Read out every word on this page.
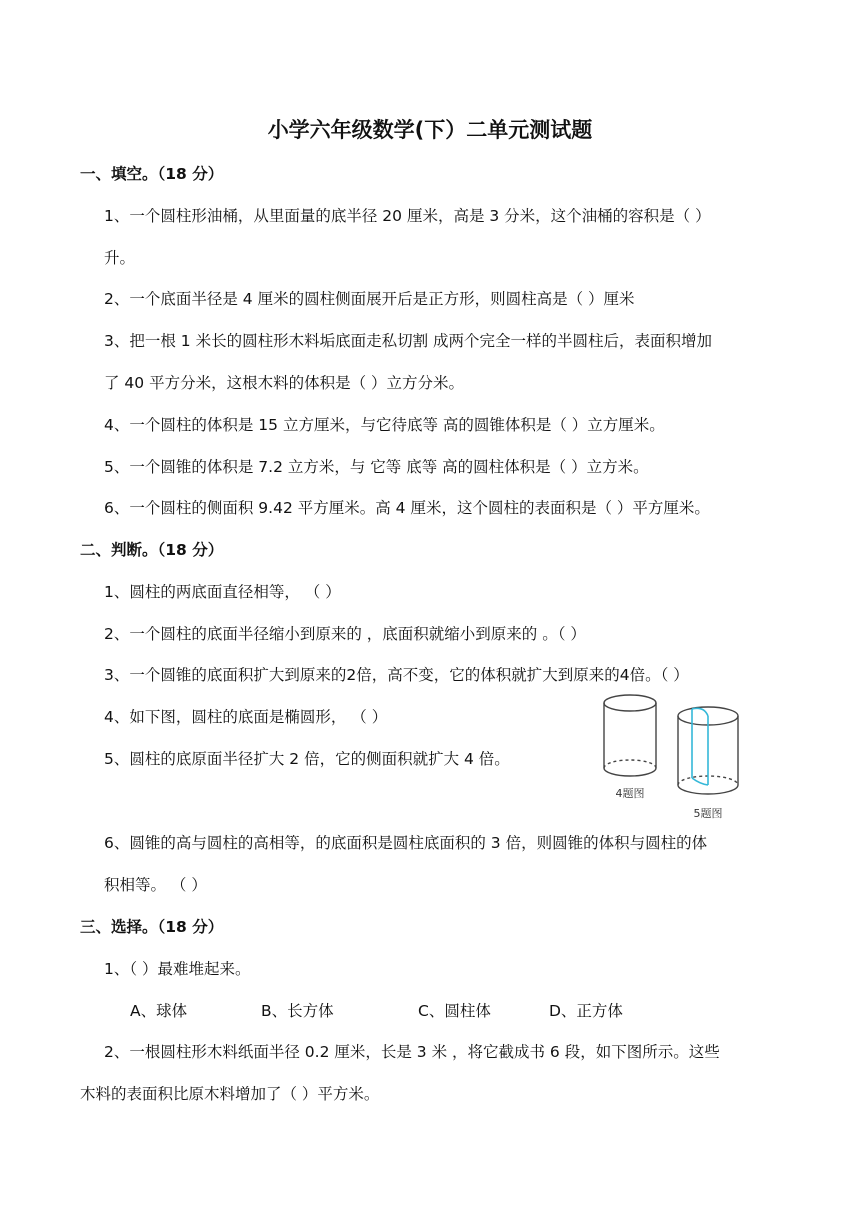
小学六年级数学(下）二单元测试题
一、填空。（18 分）
1、一个圆柱形油桶，从里面量的底半径 20 厘米，高是 3 分米，这个油桶的容积是（ ）
升。
2、一个底面半径是 4 厘米的圆柱侧面展开后是正方形，则圆柱高是（ ）厘米
3、把一根 1 米长的圆柱形木料垢底面走私切割 成两个完全一样的半圆柱后，表面积增加
了 40 平方分米，这根木料的体积是（ ）立方分米。
4、一个圆柱的体积是 15 立方厘米，与它待底等 高的圆锥体积是（ ）立方厘米。
5、一个圆锥的体积是 7.2 立方米，与 它等 底等 高的圆柱体积是（ ）立方米。
6、一个圆柱的侧面积 9.42 平方厘米。高 4 厘米，这个圆柱的表面积是（ ）平方厘米。
二、判断。（18 分）
1、圆柱的两底面直径相等， （ ）
2、一个圆柱的底面半径缩小到原来的 ，底面积就缩小到原来的 。（ ）
3、一个圆锥的底面积扩大到原来的2倍，高不变，它的体积就扩大到原来的4倍。（ ）
4、如下图，圆柱的底面是椭圆形， （ ）
5、圆柱的底原面半径扩大 2 倍，它的侧面积就扩大 4 倍。
4题图
5题图
6、圆锥的高与圆柱的高相等，的底面积是圆柱底面积的 3 倍，则圆锥的体积与圆柱的体
积相等。 （ ）
三、选择。（18 分）
1、（ ）最难堆起来。
A、球体	B、长方体	C、圆柱体	D、正方体
2、一根圆柱形木料纸面半径 0.2 厘米，长是 3 米 ，将它截成书 6 段，如下图所示。这些
木料的表面积比原木料增加了（ ）平方米。
